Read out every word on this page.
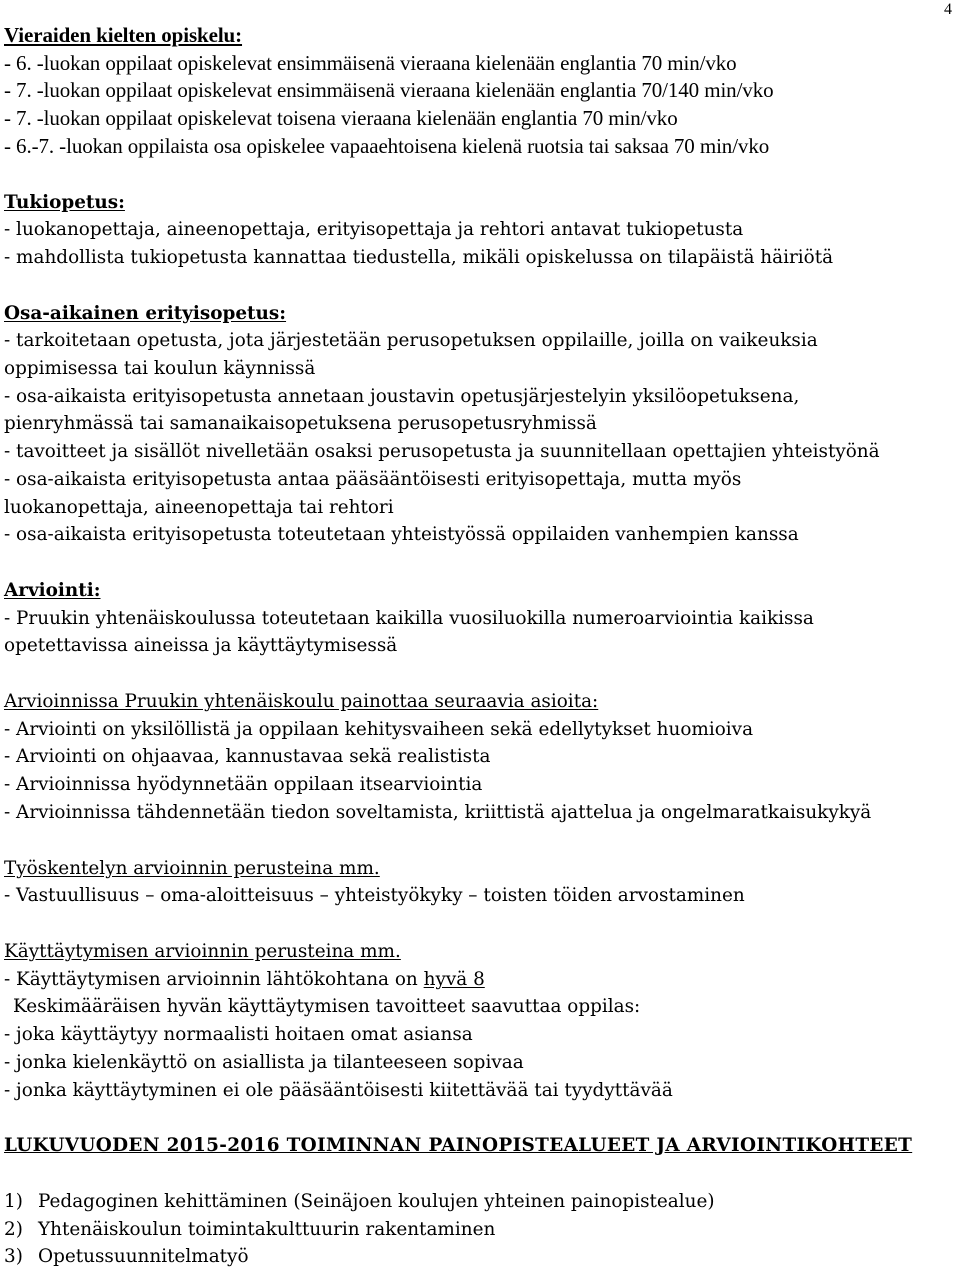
4

Vieraiden kielten opiskelu:

- 6. -luokan oppilaat opiskelevat ensimmäisenä vieraana kielenään englantia 70 min/vko

- 7. -luokan oppilaat opiskelevat ensimmäisenä vieraana kielenään englantia 70/140 min/vko

- 7. -luokan oppilaat opiskelevat toisena vieraana kielenään englantia 70 min/vko

- 6.-7. -luokan oppilaista osa opiskelee vapaaehtoisena kielenä ruotsia tai saksaa 70 min/vko

Tukiopetus:

- luokanopettaja, aineenopettaja, erityisopettaja ja rehtori antavat tukiopetusta

- mahdollista tukiopetusta kannattaa tiedustella, mikäli opiskelussa on tilapäistä häiriötä

Osa-aikainen erityisopetus:

- tarkoitetaan opetusta, jota järjestetään perusopetuksen oppilaille, joilla on vaikeuksia

oppimisessa tai koulun käynnissä

- osa-aikaista erityisopetusta annetaan joustavin opetusjärjestelyin yksilöopetuksena,

pienryhmässä tai samanaikaisopetuksena perusopetusryhmissä

- tavoitteet ja sisällöt nivelletään osaksi perusopetusta ja suunnitellaan opettajien yhteistyönä

- osa-aikaista erityisopetusta antaa pääsääntöisesti erityisopettaja, mutta myös

luokanopettaja, aineenopettaja tai rehtori

- osa-aikaista erityisopetusta toteutetaan yhteistyössä oppilaiden vanhempien kanssa

Arviointi:

- Pruukin yhtenäiskoulussa toteutetaan kaikilla vuosiluokilla numeroarviointia kaikissa

opetettavissa aineissa ja käyttäytymisessä

Arvioinnissa Pruukin yhtenäiskoulu painottaa seuraavia asioita:

- Arviointi on yksilöllistä ja oppilaan kehitysvaiheen sekä edellytykset huomioiva

- Arviointi on ohjaavaa, kannustavaa sekä realistista

- Arvioinnissa hyödynnetään oppilaan itsearviointia

- Arvioinnissa tähdennetään tiedon soveltamista, kriittistä ajattelua ja ongelmaratkaisukykyä

Työskentelyn arvioinnin perusteina mm.

- Vastuullisuus – oma-aloitteisuus – yhteistyökyky – toisten töiden arvostaminen

Käyttäytymisen arvioinnin perusteina mm.

- Käyttäytymisen arvioinnin lähtökohtana on hyvä 8

Keskimääräisen hyvän käyttäytymisen tavoitteet saavuttaa oppilas:

- joka käyttäytyy normaalisti hoitaen omat asiansa

- jonka kielenkäyttö on asiallista ja tilanteeseen sopivaa

- jonka käyttäytyminen ei ole pääsääntöisesti kiitettävää tai tyydyttävää

LUKUVUODEN 2015-2016 TOIMINNAN PAINOPISTEALUEET JA ARVIOINTIKOHTEET

1) Pedagoginen kehittäminen (Seinäjoen koulujen yhteinen painopistealue)
2) Yhtenäiskoulun toimintakulttuurin rakentaminen
3) Opetussuunnitelmatyö
